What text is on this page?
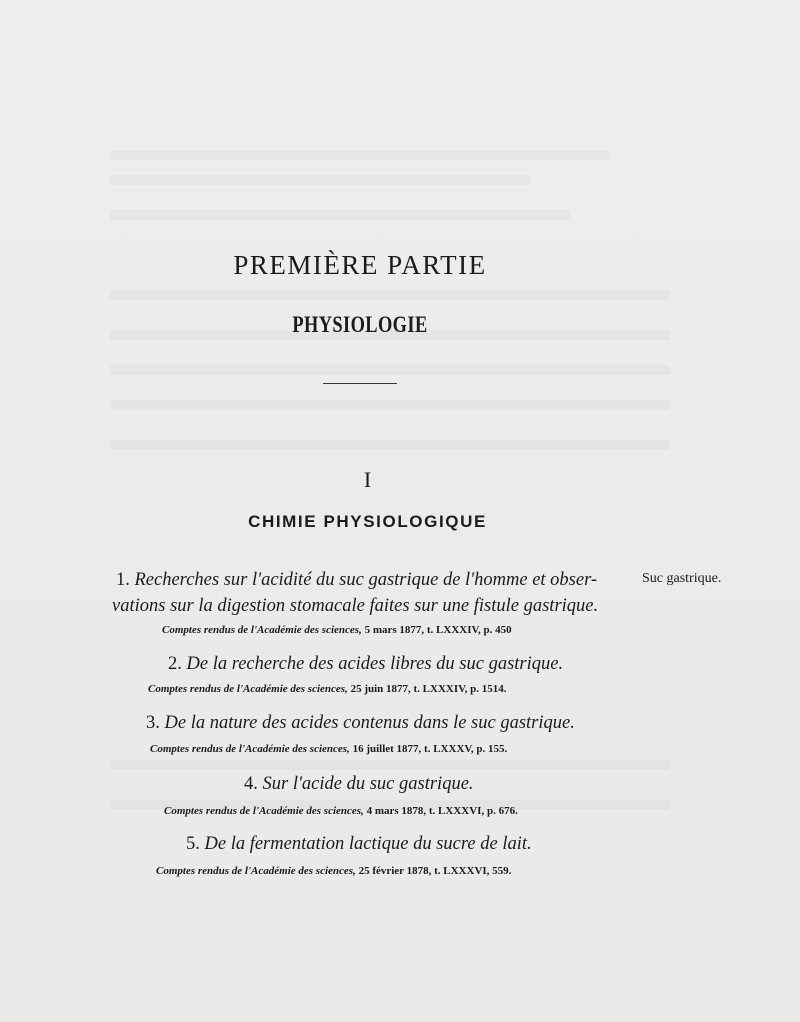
PREMIÈRE PARTIE
PHYSIOLOGIE
I
CHIMIE PHYSIOLOGIQUE
1. Recherches sur l'acidité du suc gastrique de l'homme et obser-
vations sur la digestion stomacale faites sur une fistule gastrique.
Comptes rendus de l'Académie des sciences, 5 mars 1877, t. LXXXIV, p. 450
2. De la recherche des acides libres du suc gastrique.
Comptes rendus de l'Académie des sciences, 25 juin 1877, t. LXXXIV, p. 1514.
3. De la nature des acides contenus dans le suc gastrique.
Comptes rendus de l'Académie des sciences, 16 juillet 1877, t. LXXXV, p. 155.
4. Sur l'acide du suc gastrique.
Comptes rendus de l'Académie des sciences, 4 mars 1878, t. LXXXVI, p. 676.
5. De la fermentation lactique du sucre de lait.
Comptes rendus de l'Académie des sciences, 25 février 1878, t. LXXXVI, 559.
Suc gastrique.
